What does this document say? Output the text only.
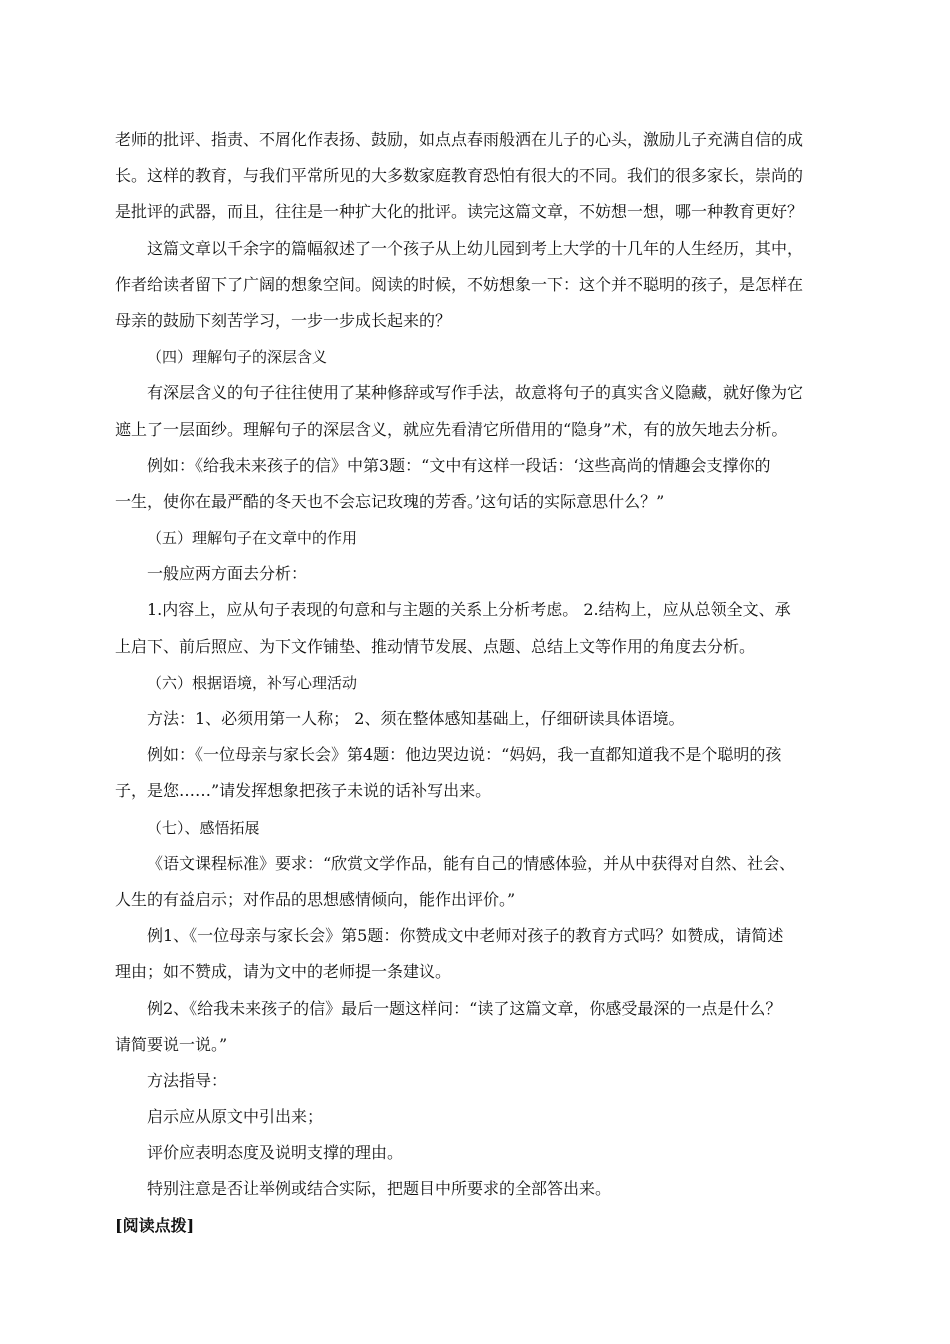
老师的批评、指责、不屑化作表扬、鼓励，如点点春雨般洒在儿子的心头，激励儿子充满自信的成
长。这样的教育，与我们平常所见的大多数家庭教育恐怕有很大的不同。我们的很多家长，崇尚的
是批评的武器，而且，往往是一种扩大化的批评。读完这篇文章，不妨想一想，哪一种教育更好？
这篇文章以千余字的篇幅叙述了一个孩子从上幼儿园到考上大学的十几年的人生经历，其中，
作者给读者留下了广阔的想象空间。阅读的时候，不妨想象一下：这个并不聪明的孩子，是怎样在
母亲的鼓励下刻苦学习，一步一步成长起来的？
（四）理解句子的深层含义
有深层含义的句子往往使用了某种修辞或写作手法，故意将句子的真实含义隐藏，就好像为它
遮上了一层面纱。理解句子的深层含义，就应先看清它所借用的“隐身”术，有的放矢地去分析。
例如：《给我未来孩子的信》中第3题：“文中有这样一段话：‘这些高尚的情趣会支撑你的
一生，使你在最严酷的冬天也不会忘记玫瑰的芳香。’这句话的实际意思什么？”
（五）理解句子在文章中的作用
一般应两方面去分析：
1.内容上，应从句子表现的句意和与主题的关系上分析考虑。 2.结构上，应从总领全文、承
上启下、前后照应、为下文作铺垫、推动情节发展、点题、总结上文等作用的角度去分析。
（六）根据语境，补写心理活动
方法：1、必须用第一人称； 2、须在整体感知基础上，仔细研读具体语境。
例如：《一位母亲与家长会》第4题：他边哭边说：“妈妈，我一直都知道我不是个聪明的孩
子，是您……”请发挥想象把孩子未说的话补写出来。
（七）、感悟拓展
《语文课程标准》要求：“欣赏文学作品，能有自己的情感体验，并从中获得对自然、社会、
人生的有益启示；对作品的思想感情倾向，能作出评价。”
例1、《一位母亲与家长会》第5题：你赞成文中老师对孩子的教育方式吗？如赞成，请简述
理由；如不赞成，请为文中的老师提一条建议。
例2、《给我未来孩子的信》最后一题这样问：“读了这篇文章，你感受最深的一点是什么？
请简要说一说。”
方法指导：
启示应从原文中引出来；
评价应表明态度及说明支撑的理由。
特别注意是否让举例或结合实际，把题目中所要求的全部答出来。
[阅读点拨]
